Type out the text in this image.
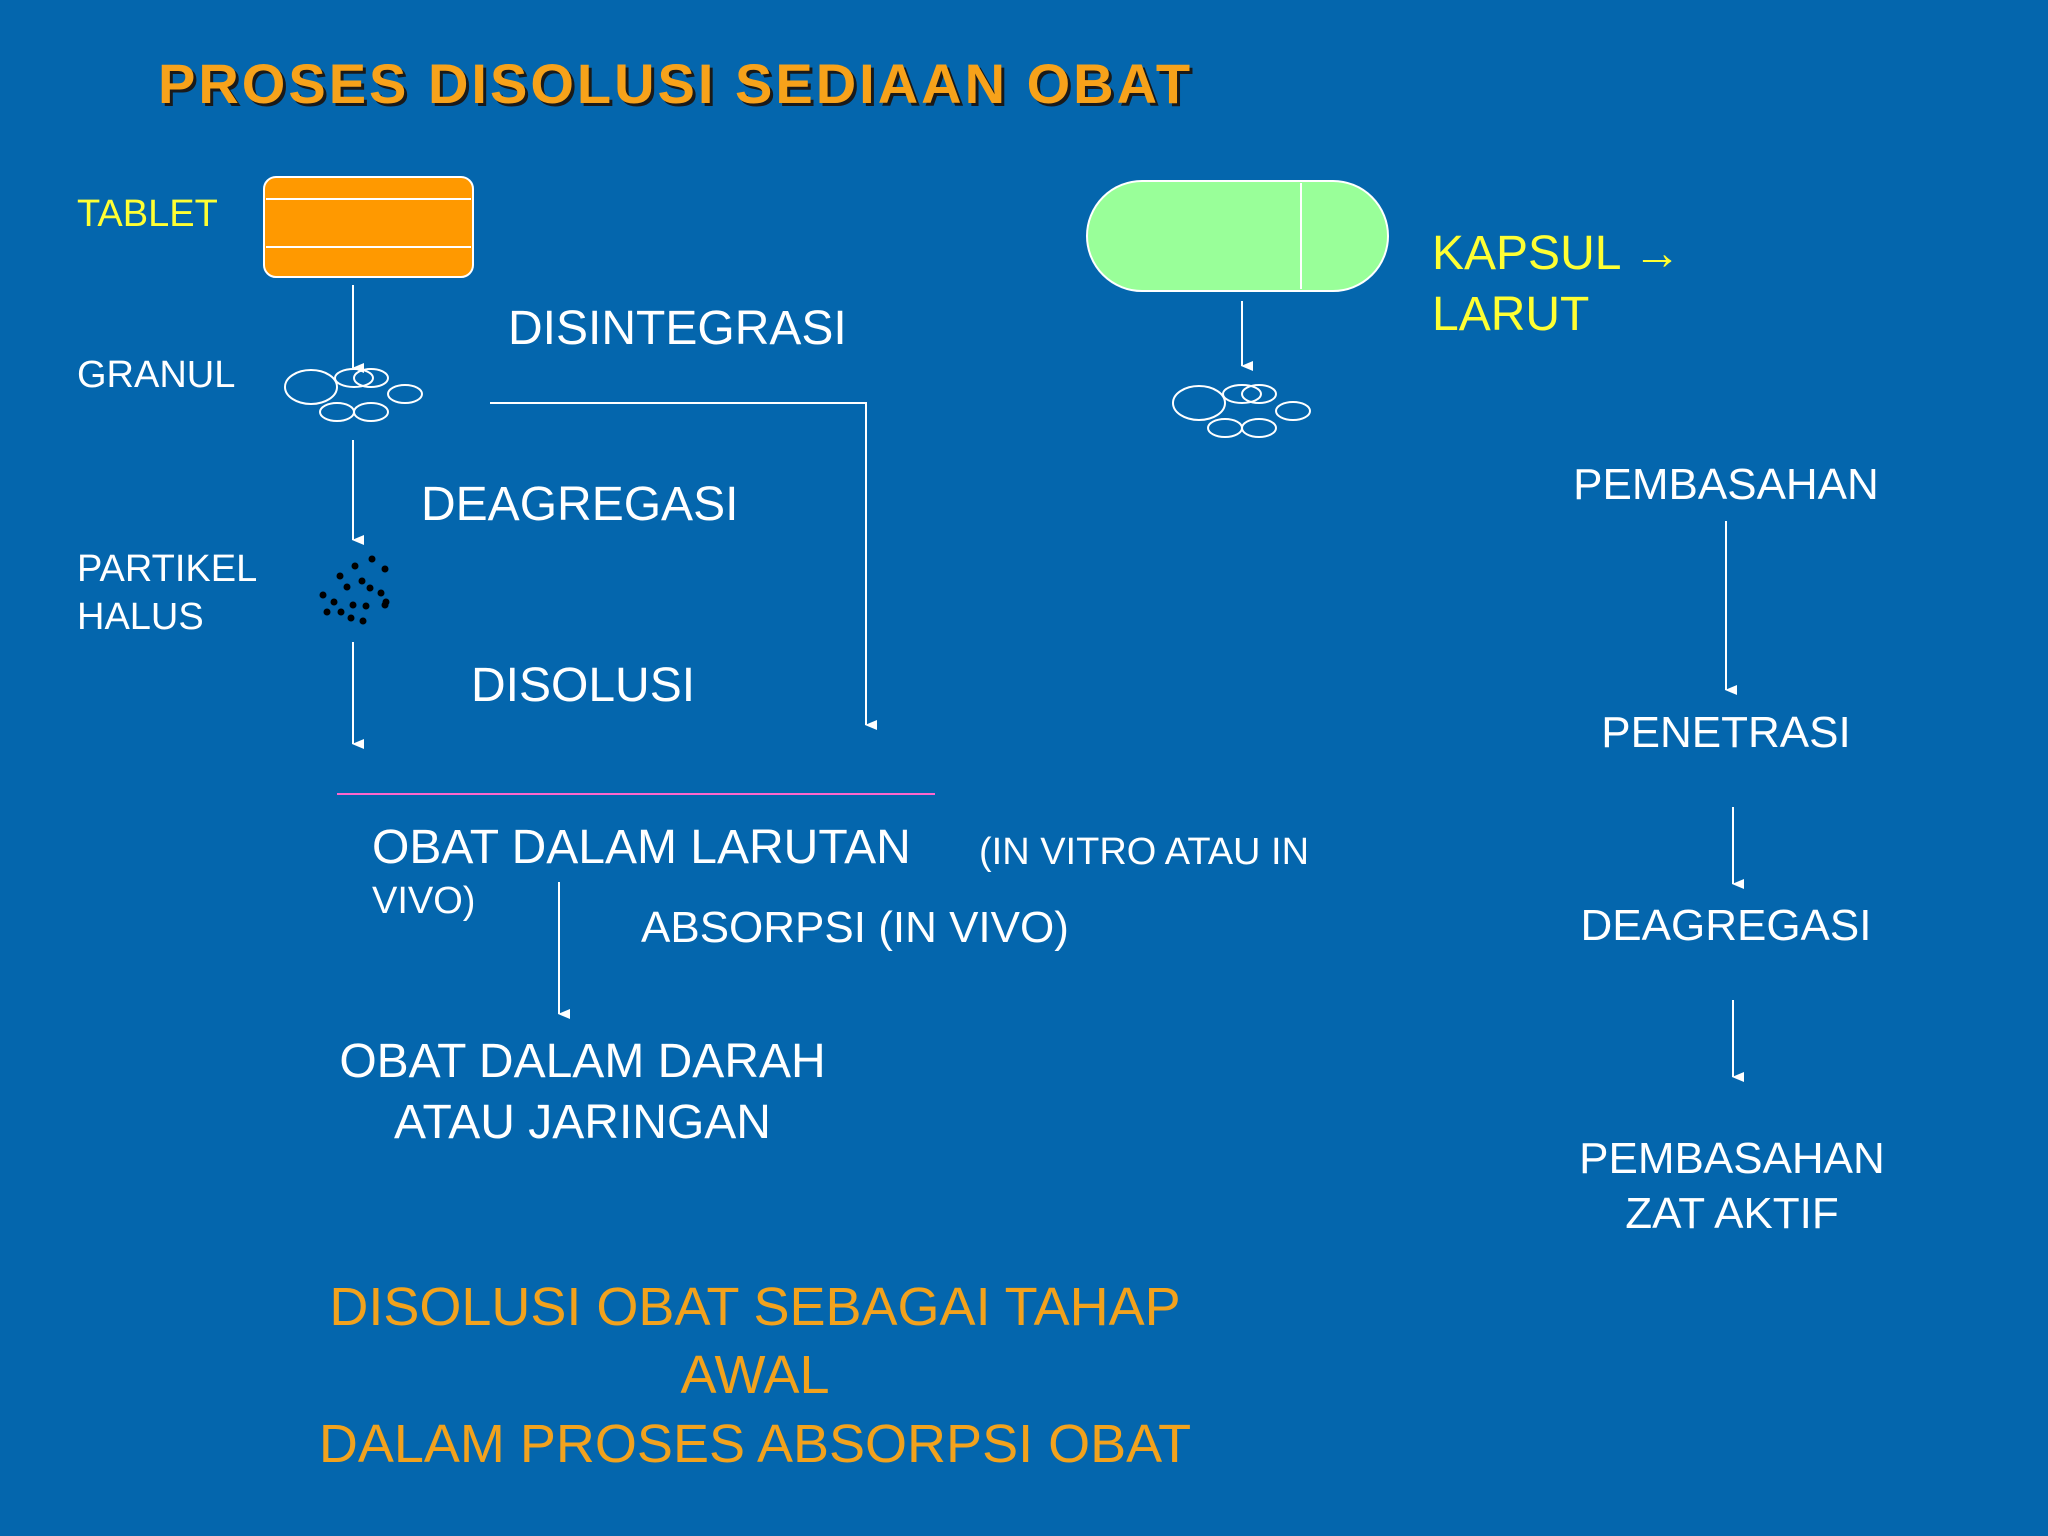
PROSES DISOLUSI SEDIAAN OBAT
TABLET
GRANUL
PARTIKEL
HALUS
DISINTEGRASI
DEAGREGASI
DISOLUSI
OBAT DALAM LARUTAN (IN VITRO ATAU IN
VIVO)
ABSORPSI (IN VIVO)
OBAT DALAM DARAH
ATAU JARINGAN
KAPSUL →
LARUT
PEMBASAHAN
PENETRASI
DEAGREGASI
PEMBASAHAN
ZAT AKTIF
DISOLUSI OBAT SEBAGAI TAHAP
AWAL
DALAM PROSES ABSORPSI OBAT
